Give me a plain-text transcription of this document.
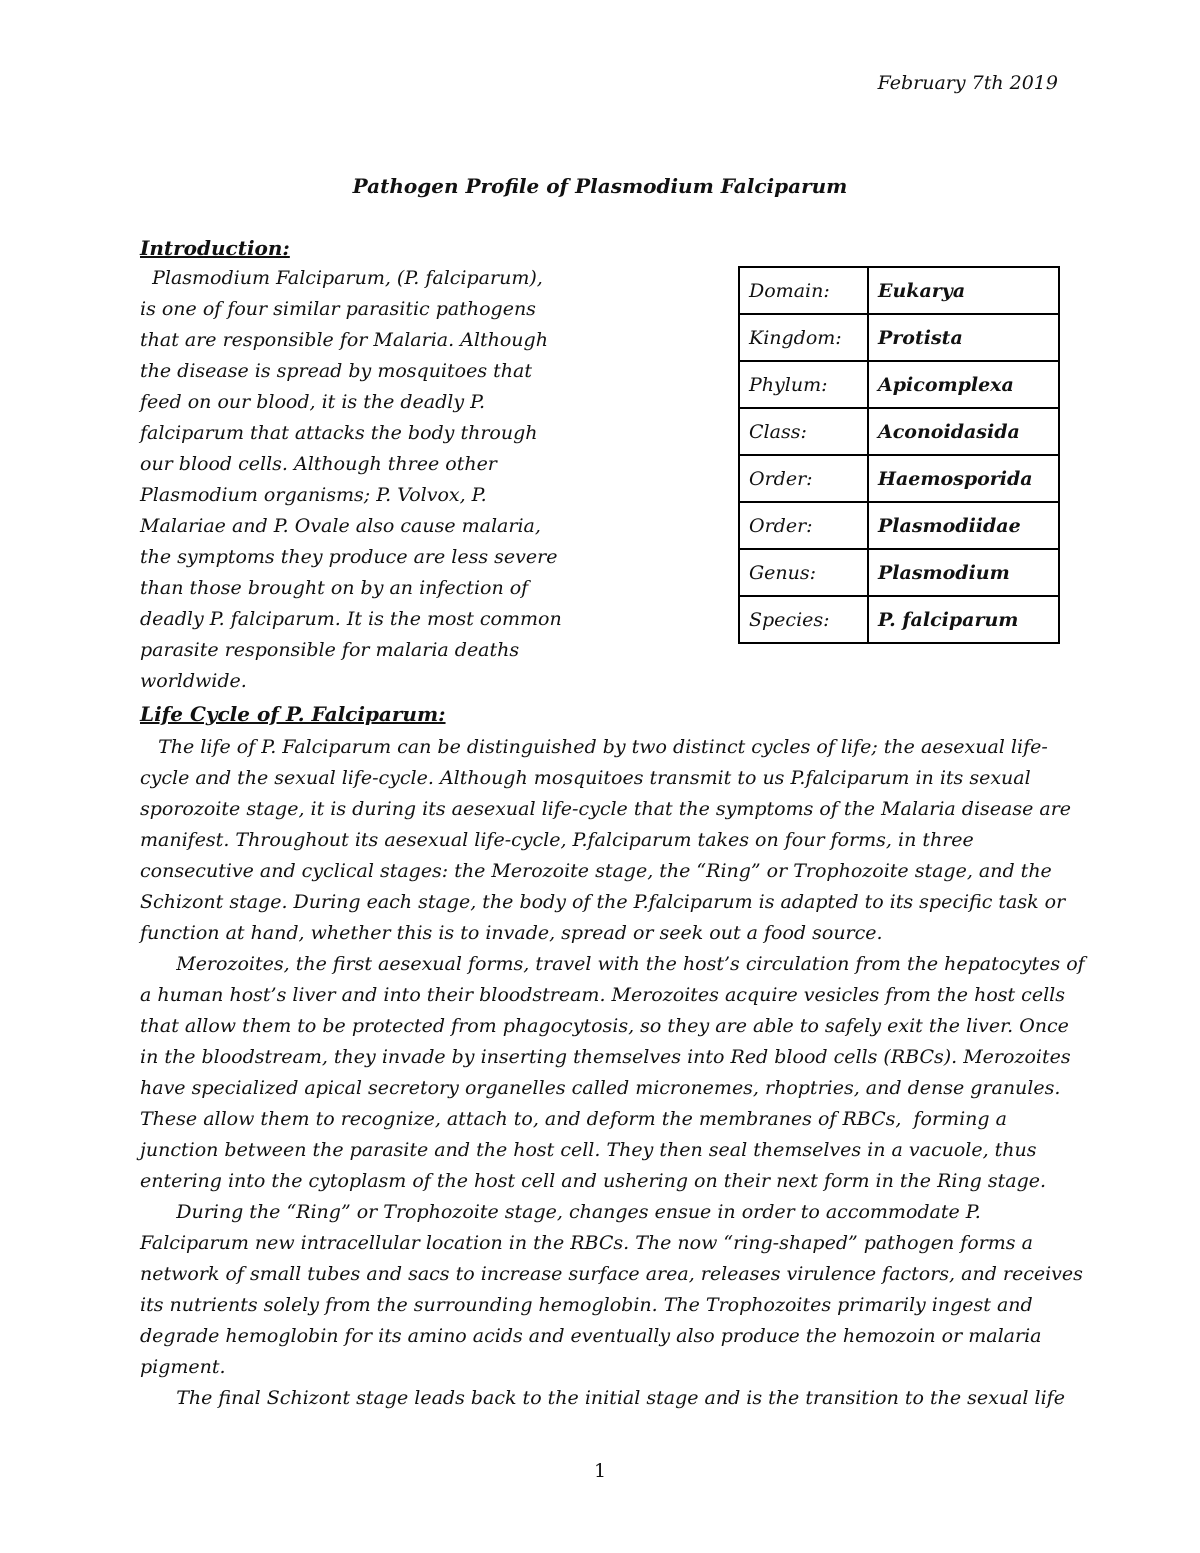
February 7th 2019
Pathogen Profile of Plasmodium Falciparum
Introduction:
Plasmodium Falciparum, (P. falciparum),
is one of four similar parasitic pathogens
that are responsible for Malaria. Although
the disease is spread by mosquitoes that
feed on our blood, it is the deadly P.
falciparum that attacks the body through
our blood cells. Although three other
Plasmodium organisms; P. Volvox, P.
Malariae and P. Ovale also cause malaria,
the symptoms they produce are less severe
than those brought on by an infection of
deadly P. falciparum. It is the most common
parasite responsible for malaria deaths
worldwide.
Domain:	Eukarya
Kingdom:	Protista
Phylum:	Apicomplexa
Class:	Aconoidasida
Order:	Haemosporida
Order:	Plasmodiidae
Genus:	Plasmodium
Species:	P. falciparum
Life Cycle of P. Falciparum:
The life of P. Falciparum can be distinguished by two distinct cycles of life; the aesexual life-
cycle and the sexual life-cycle. Although mosquitoes transmit to us P.falciparum in its sexual
sporozoite stage, it is during its aesexual life-cycle that the symptoms of the Malaria disease are
manifest. Throughout its aesexual life-cycle, P.falciparum takes on four forms, in three
consecutive and cyclical stages: the Merozoite stage, the “Ring” or Trophozoite stage, and the
Schizont stage. During each stage, the body of the P.falciparum is adapted to its specific task or
function at hand, whether this is to invade, spread or seek out a food source.
Merozoites, the first aesexual forms, travel with the host’s circulation from the hepatocytes of
a human host’s liver and into their bloodstream. Merozoites acquire vesicles from the host cells
that allow them to be protected from phagocytosis, so they are able to safely exit the liver. Once
in the bloodstream, they invade by inserting themselves into Red blood cells (RBCs). Merozoites
have specialized apical secretory organelles called micronemes, rhoptries, and dense granules.
These allow them to recognize, attach to, and deform the membranes of RBCs,  forming a
junction between the parasite and the host cell. They then seal themselves in a vacuole, thus
entering into the cytoplasm of the host cell and ushering on their next form in the Ring stage.
During the “Ring” or Trophozoite stage, changes ensue in order to accommodate P.
Falciparum new intracellular location in the RBCs. The now “ring-shaped” pathogen forms a
network of small tubes and sacs to increase surface area, releases virulence factors, and receives
its nutrients solely from the surrounding hemoglobin. The Trophozoites primarily ingest and
degrade hemoglobin for its amino acids and eventually also produce the hemozoin or malaria
pigment.
The final Schizont stage leads back to the initial stage and is the transition to the sexual life
1
